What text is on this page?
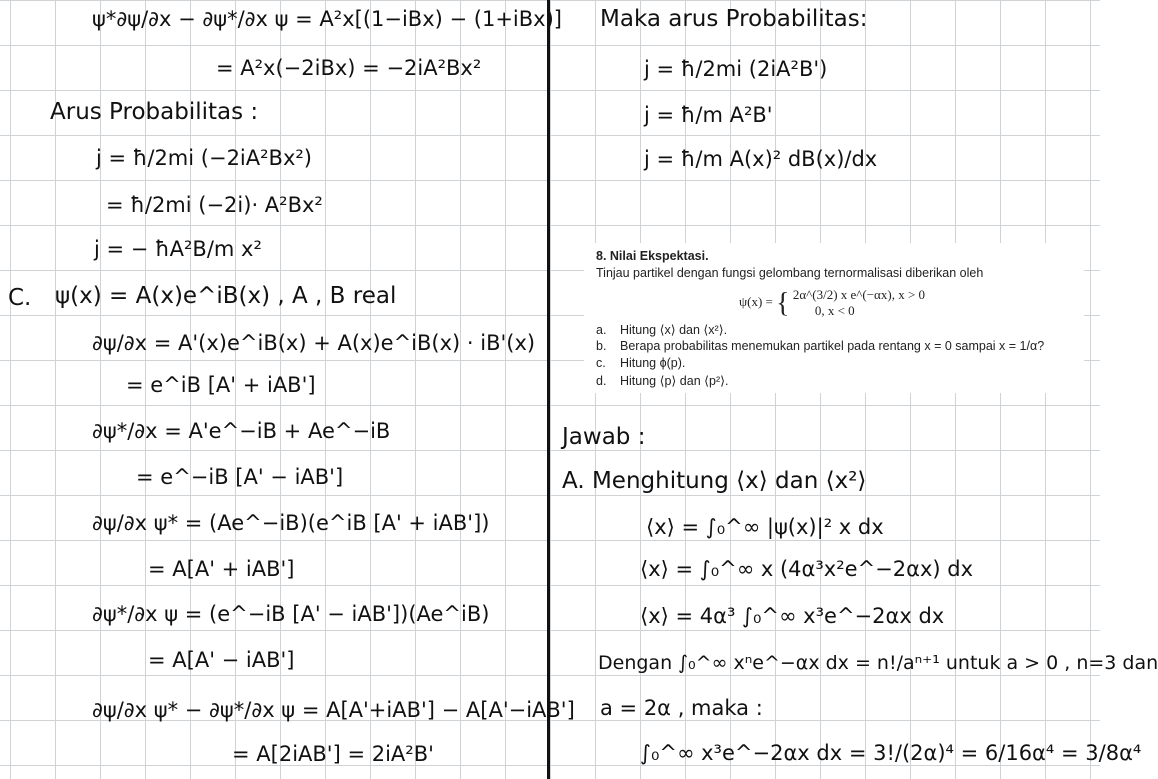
ψ*∂ψ/∂x − ∂ψ*/∂x ψ = A²x[(1−iBx) − (1+iBx)]
= A²x(−2iBx) = −2iA²Bx²
Arus Probabilitas :
j = ħ/2mi (−2iA²Bx²)
= ħ/2mi (−2i)· A²Bx²
j = − ħA²B/m x²
C. ψ(x) = A(x)e^iB(x) , A , B real
∂ψ/∂x = A'(x)e^iB(x) + A(x)e^iB(x) · iB'(x)
= e^iB [A' + iAB']
∂ψ*/∂x = A'e^−iB + Ae^−iB
= e^−iB [A' − iAB']
∂ψ/∂x ψ* = (Ae^−iB)(e^iB [A' + iAB'])
= A[A' + iAB']
∂ψ*/∂x ψ = (e^−iB [A' − iAB'])(Ae^iB)
= A[A' − iAB']
∂ψ/∂x ψ* − ∂ψ*/∂x ψ = A[A'+iAB'] − A[A'−iAB']
= A[2iAB'] = 2iA²B'
Maka arus Probabilitas:
j = ħ/2mi (2iA²B')
j = ħ/m A²B'
j = ħ/m A(x)² dB(x)/dx
8. Nilai Ekspektasi.
Tinjau partikel dengan fungsi gelombang ternormalisasi diberikan oleh
ψ(x) = { 2α^(3/2) x e^(−αx), x > 0
0, x < 0
a. Hitung ⟨x⟩ dan ⟨x²⟩.
b. Berapa probabilitas menemukan partikel pada rentang x = 0 sampai x = 1/α?
c. Hitung ϕ(p).
d. Hitung ⟨p⟩ dan ⟨p²⟩.
Jawab :
A. Menghitung ⟨x⟩ dan ⟨x²⟩
⟨x⟩ = ∫₀^∞ |ψ(x)|² x dx
⟨x⟩ = ∫₀^∞ x (4α³x²e^−2αx) dx
⟨x⟩ = 4α³ ∫₀^∞ x³e^−2αx dx
Dengan ∫₀^∞ xⁿe^−αx dx = n!/aⁿ⁺¹ untuk a > 0 , n=3 dan
a = 2α , maka :
∫₀^∞ x³e^−2αx dx = 3!/(2α)⁴ = 6/16α⁴ = 3/8α⁴
